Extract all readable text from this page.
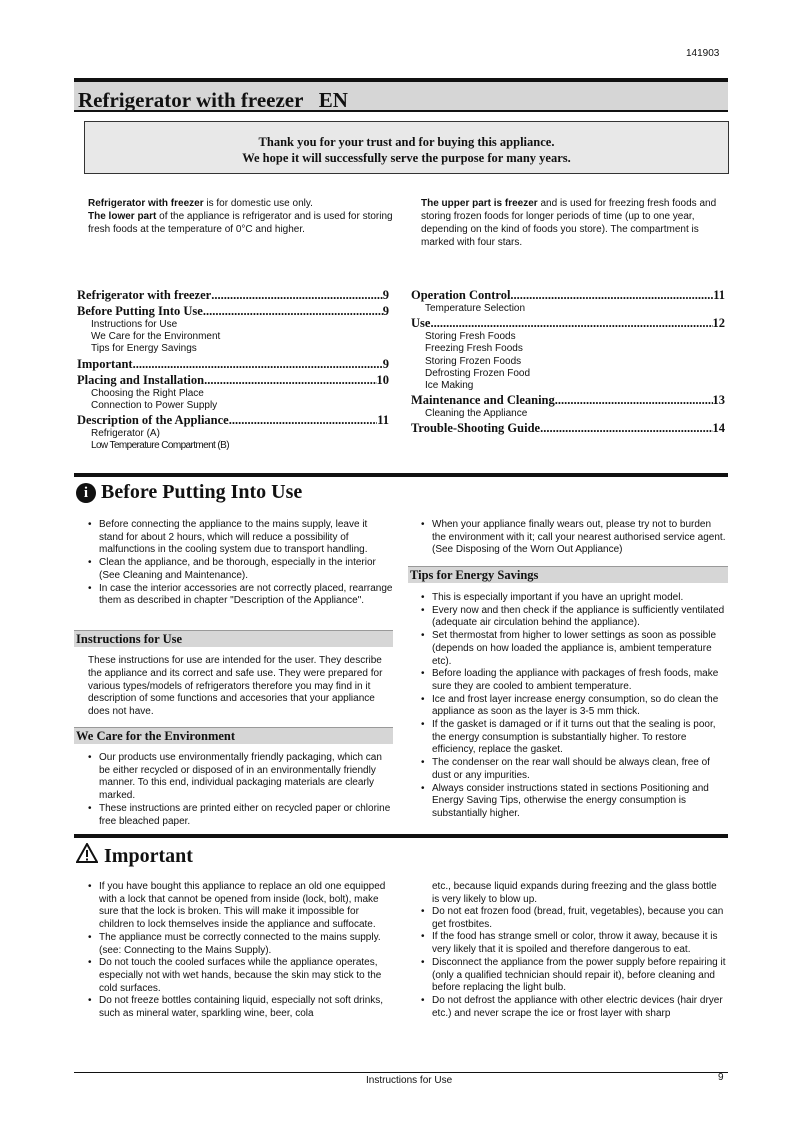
141903
Refrigerator with freezer   EN
Thank you for your trust and for buying this appliance.
We hope it will successfully serve the purpose for many years.

Refrigerator with freezer is for domestic use only.

The lower part of the appliance is refrigerator and is used for storing fresh foods at the temperature of 0°C and higher.

The upper part is freezer and is used for freezing fresh foods and storing frozen foods for longer periods of time (up to one year, depending on the kind of foods you store). The compartment is marked with four stars.

Refrigerator with freezer .....	9
Before Putting Into Use .....	9
Instructions for Use
We Care for the Environment
Tips for Energy Savings
Important .....	9
Placing and Installation .....	10
Choosing the Right Place
Connection to Power Supply
Description of the Appliance .....	11
Refrigerator (A)
Low Temperature Compartment (B)
Operation Control .....	11
Temperature Selection
Use .....	12
Storing Fresh Foods
Freezing Fresh Foods
Storing Frozen Foods
Defrosting Frozen Food
Ice Making
Maintenance and Cleaning .....	13
Cleaning the Appliance
Trouble-Shooting Guide .....	14
i Before Putting Into Use
• Before connecting the appliance to the mains supply, leave it stand for about 2 hours, which will reduce a possibility of malfunctions in the cooling system due to transport handling.
• Clean the appliance, and be thorough, especially in the interior (See Cleaning and Maintenance).
• In case the interior accessories are not correctly placed, rearrange them as described in chapter "Description of the Appliance".
Instructions for Use
These instructions for use are intended for the user. They describe the appliance and its correct and safe use. They were prepared for various types/models of refrigerators therefore you may find in it description of some functions and accesories that your appliance does not have.
We Care for the Environment
• Our products use environmentally friendly packaging, which can be either recycled or disposed of in an environmentally friendly manner. To this end, individual packaging materials are clearly marked.
• These instructions are printed either on recycled paper or chlorine free bleached paper.
• When your appliance finally wears out, please try not to burden the environment with it; call your nearest authorised service agent. (See Disposing of the Worn Out Appliance)
Tips for Energy Savings
• This is especially important if you have an upright model.
• Every now and then check if the appliance is sufficiently ventilated (adequate air circulation behind the appliance).
• Set thermostat from higher to lower settings as soon as possible (depends on how loaded the appliance is, ambient temperature etc).
• Before loading the appliance with packages of fresh foods, make sure they are cooled to ambient temperature.
• Ice and frost layer increase energy consumption, so do clean the appliance as soon as the layer is 3-5 mm thick.
• If the gasket is damaged or if it turns out that the sealing is poor, the energy consumption is substantially higher. To restore efficiency, replace the gasket.
• The condenser on the rear wall should be always clean, free of dust or any impurities.
• Always consider instructions stated in sections Positioning and Energy Saving Tips, otherwise the energy consumption is substantially higher.
Important
• If you have bought this appliance to replace an old one equipped with a lock that cannot be opened from inside (lock, bolt), make sure that the lock is broken. This will make it impossible for children to lock themselves inside the appliance and suffocate.
• The appliance must be correctly connected to the mains supply. (see: Connecting to the Mains Supply).
• Do not touch the cooled surfaces while the appliance operates, especially not with wet hands, because the skin may stick to the cold surfaces.
• Do not freeze bottles containing liquid, especially not soft drinks, such as mineral water, sparkling wine, beer, cola
etc., because liquid expands during freezing and the glass bottle is very likely to blow up.
• Do not eat frozen food (bread, fruit, vegetables), because you can get frostbites.
• If the food has strange smell or color, throw it away, because it is very likely that it is spoiled and therefore dangerous to eat.
• Disconnect the appliance from the power supply before repairing it (only a qualified technician should repair it), before cleaning and before replacing the light bulb.
• Do not defrost the appliance with other electric devices (hair dryer etc.) and never scrape the ice or frost layer with sharp
Instructions for Use	9
